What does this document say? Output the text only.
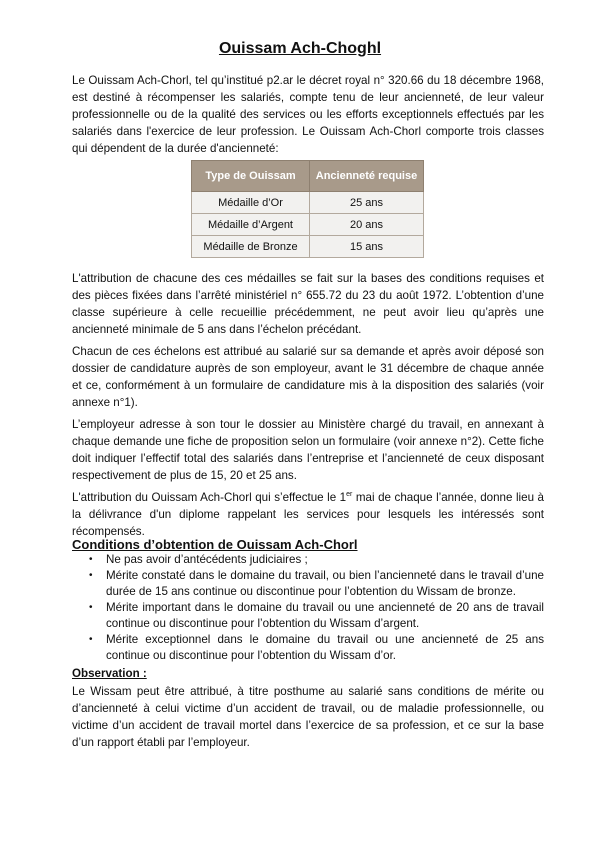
Ouissam Ach-Choghl

Le Ouissam Ach-Chorl, tel qu’institué p2.ar le décret royal n° 320.66 du 18 décembre 1968, est destiné à récompenser les salariés, compte tenu de leur ancienneté, de leur valeur professionnelle ou de la qualité des services ou les efforts exceptionnels effectués par les salariés dans l'exercice de leur profession. Le Ouissam Ach-Chorl comporte trois classes qui dépendent de la durée d'ancienneté:

Type de Ouissam	Ancienneté requise
Médaille d’Or	25 ans
Médaille d’Argent	20 ans
Médaille de Bronze	15 ans

L'attribution de chacune des ces médailles se fait sur la bases des conditions requises et des pièces fixées dans l’arrêté ministériel n° 655.72 du 23 du août 1972. L’obtention d’une classe supérieure à celle recueillie précédemment, ne peut avoir lieu qu’après une ancienneté minimale de 5 ans dans l’échelon précédant.

Chacun de ces échelons est attribué au salarié sur sa demande et après avoir déposé son dossier de candidature auprès de son employeur, avant le 31 décembre de chaque année et ce, conformément à un formulaire de candidature mis à la disposition des salariés (voir annexe n°1).

L’employeur adresse à son tour le dossier au Ministère chargé du travail, en annexant à chaque demande une fiche de proposition selon un formulaire (voir annexe n°2). Cette fiche doit indiquer l’effectif total des salariés dans l’entreprise et l’ancienneté de ceux disposant respectivement de plus de 15, 20 et 25 ans.

L'attribution du Ouissam Ach-Chorl qui s’effectue le 1er mai de chaque l’année, donne lieu à la délivrance d'un diplome rappelant les services pour lesquels les intéressés sont récompensés.

Conditions d’obtention de Ouissam Ach-Chorl
• Ne pas avoir d’antécédents judiciaires ;
• Mérite constaté dans le domaine du travail, ou bien l’ancienneté dans le travail d’une durée de 15 ans continue ou discontinue pour l’obtention du Wissam de bronze.
• Mérite important dans le domaine du travail ou une ancienneté de 20 ans de travail continue ou discontinue pour l’obtention du Wissam d’argent.
• Mérite exceptionnel dans le domaine du travail ou une ancienneté de 25 ans continue ou discontinue pour l’obtention du Wissam d’or.
Observation :

Le Wissam peut être attribué, à titre posthume au salarié sans conditions de mérite ou d’ancienneté à celui victime d’un accident de travail, ou de maladie professionnelle, ou victime d’un accident de travail mortel dans l’exercice de sa profession, et ce sur la base d’un rapport établi par l’employeur.
